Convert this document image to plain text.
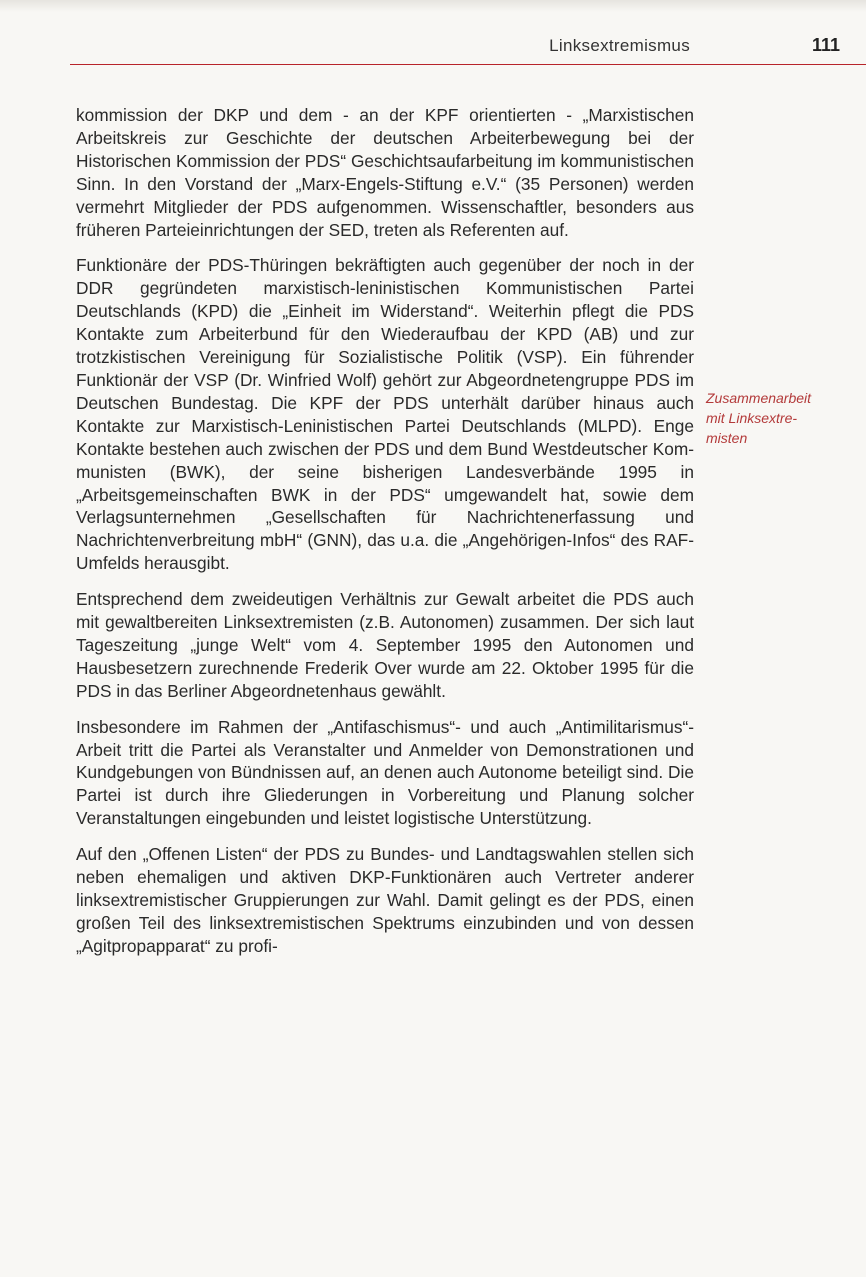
Linksextremismus	111

kommission der DKP und dem - an der KPF orientierten - „Marxistischen Arbeitskreis zur Geschichte der deutschen Arbeiterbewegung bei der Historischen Kommission der PDS“ Geschichtsaufarbeitung im kommunistischen Sinn. In den Vorstand der „Marx-Engels-Stiftung e.V.“ (35 Personen) werden vermehrt Mitglieder der PDS aufgenommen. Wissenschaftler, besonders aus früheren Parteieinrichtungen der SED, treten als Referenten auf.

Funktionäre der PDS-Thüringen bekräftigten auch gegenüber der noch in der DDR gegründeten marxistisch-leninistischen Kommunistischen Partei Deutschlands (KPD) die „Einheit im Widerstand“. Weiterhin pflegt die PDS Kontakte zum Arbeiterbund für den Wiederaufbau der KPD (AB) und zur trotzkistischen Vereinigung für Sozialistische Politik (VSP). Ein führender Funktionär der VSP (Dr. Winfried Wolf) gehört zur Abgeordnetengruppe PDS im Deutschen Bundestag. Die KPF der PDS unterhält darüber hinaus auch Kontakte zur Marxistisch-Leninistischen Partei Deutschlands (MLPD). Enge Kontakte bestehen auch zwischen der PDS und dem Bund Westdeutscher Kommunisten (BWK), der seine bisherigen Landesverbände 1995 in „Arbeitsgemeinschaften BWK in der PDS“ umgewandelt hat, sowie dem Verlagsunternehmen „Gesellschaften für Nachrichtenerfassung und Nachrichtenverbreitung mbH“ (GNN), das u.a. die „Angehörigen-Infos“ des RAF-Umfelds herausgibt.

Entsprechend dem zweideutigen Verhältnis zur Gewalt arbeitet die PDS auch mit gewaltbereiten Linksextremisten (z.B. Autonomen) zusammen. Der sich laut Tageszeitung „junge Welt“ vom 4. September 1995 den Autonomen und Hausbesetzern zurechnende Frederik Over wurde am 22. Oktober 1995 für die PDS in das Berliner Abgeordnetenhaus gewählt.

Insbesondere im Rahmen der „Antifaschismus“- und auch „Antimilitarismus“-Arbeit tritt die Partei als Veranstalter und Anmelder von Demonstrationen und Kundgebungen von Bündnissen auf, an denen auch Autonome beteiligt sind. Die Partei ist durch ihre Gliederungen in Vorbereitung und Planung solcher Veranstaltungen eingebunden und leistet logistische Unterstützung.

Auf den „Offenen Listen“ der PDS zu Bundes- und Landtagswahlen stellen sich neben ehemaligen und aktiven DKP-Funktionären auch Vertreter anderer linksextremistischer Gruppierungen zur Wahl. Damit gelingt es der PDS, einen großen Teil des linksextremistischen Spektrums einzubinden und von dessen „Agitpropapparat“ zu profi-

Zusammenarbeit
mit Linksextre-
misten
